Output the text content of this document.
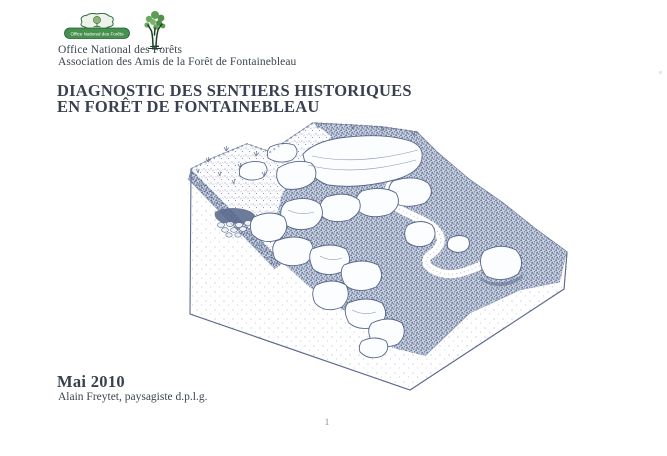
Office National des Forêts
Office National des Forêts
Association des Amis de la Forêt de Fontainebleau
DIAGNOSTIC DES SENTIERS HISTORIQUES
EN FORÊT DE FONTAINEBLEAU
Mai 2010
Alain Freytet, paysagiste d.p.l.g.
1
